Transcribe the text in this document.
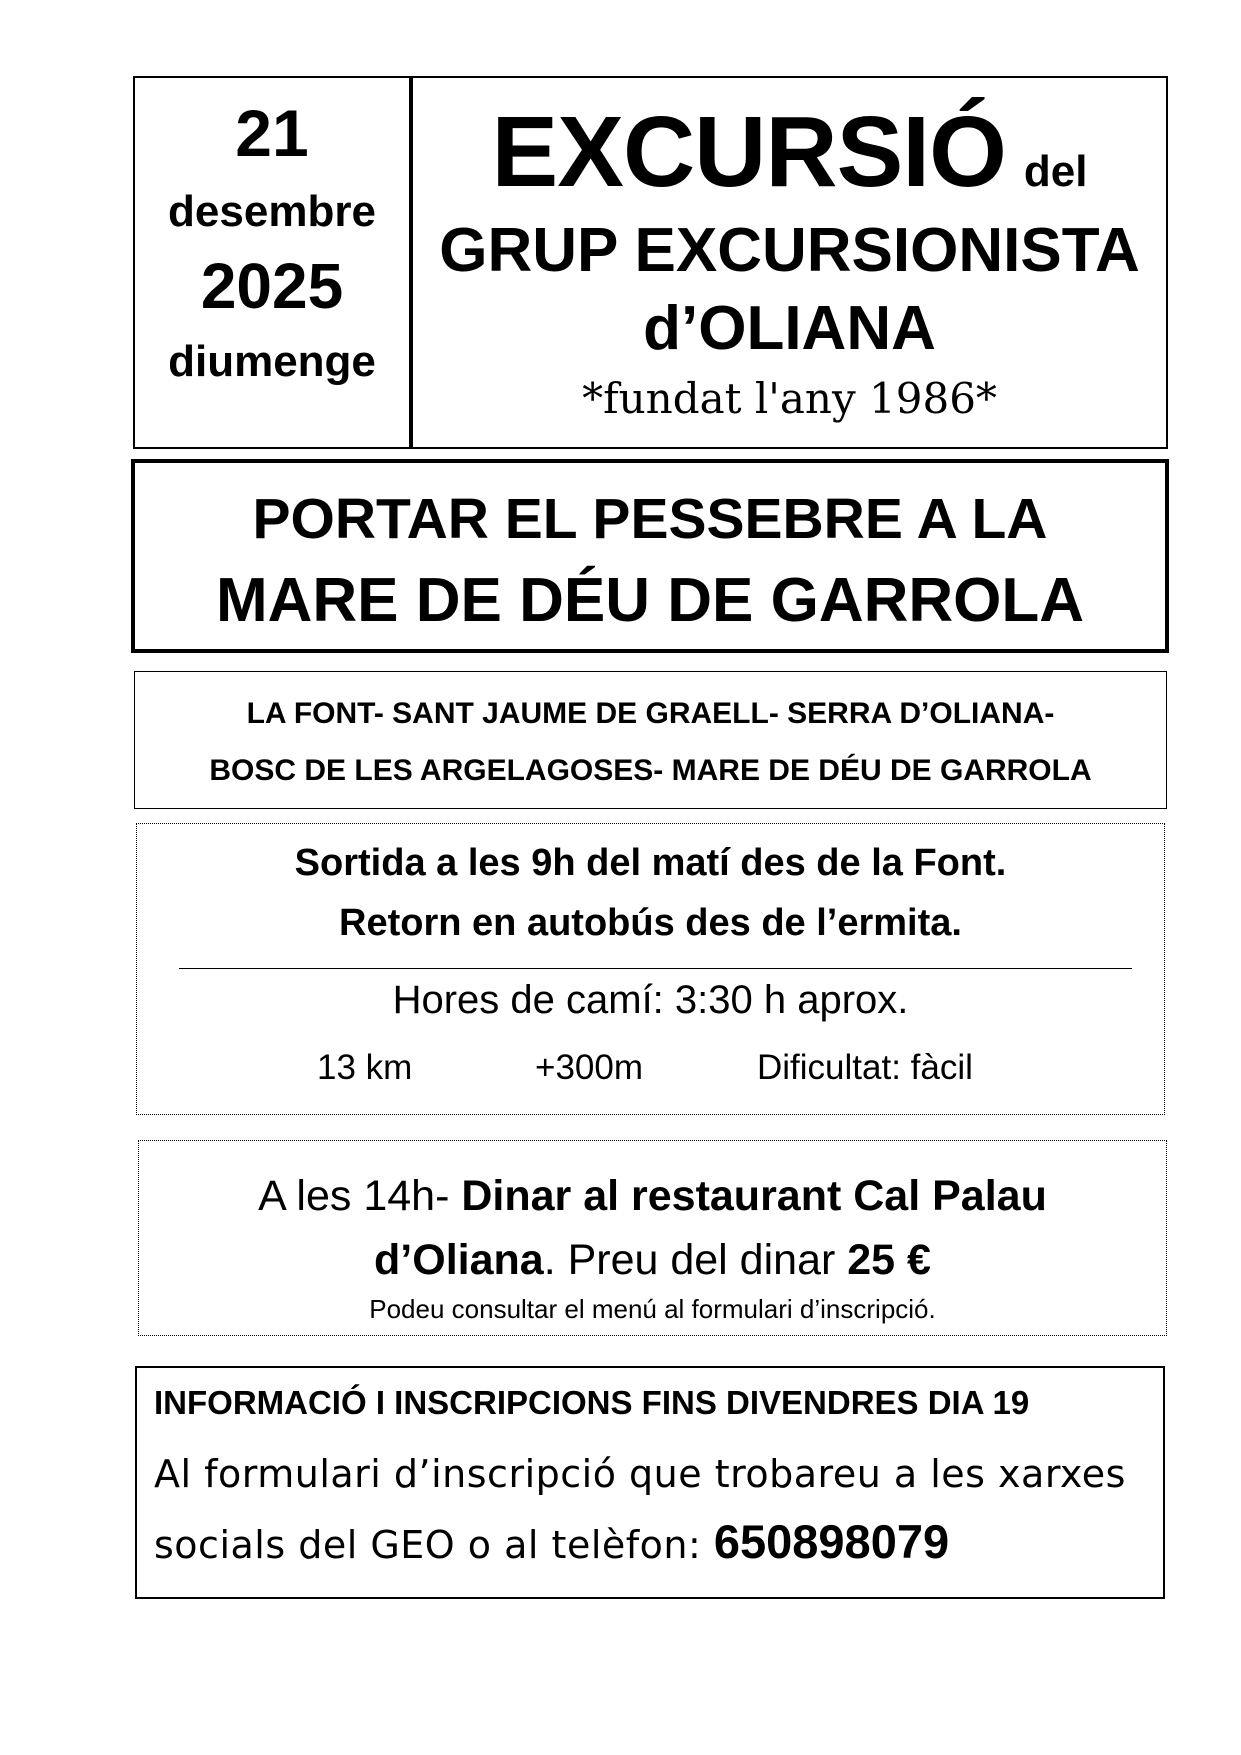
21
desembre
2025
diumenge
EXCURSIÓ del
GRUP EXCURSIONISTA
d’OLIANA
*fundat l'any 1986*
PORTAR EL PESSEBRE A LA
MARE DE DÉU DE GARROLA
LA FONT- SANT JAUME DE GRAELL- SERRA D’OLIANA-
BOSC DE LES ARGELAGOSES- MARE DE DÉU DE GARROLA
Sortida a les 9h del matí des de la Font.
Retorn en autobús des de l’ermita.
Hores de camí: 3:30 h aprox.
13 km	+300m	Dificultat: fàcil
A les 14h- Dinar al restaurant Cal Palau
d’Oliana. Preu del dinar 25 €
Podeu consultar el menú al formulari d’inscripció.
INFORMACIÓ I INSCRIPCIONS FINS DIVENDRES DIA 19
Al formulari d’inscripció que trobareu a les xarxes
socials del GEO o al telèfon: 650898079
